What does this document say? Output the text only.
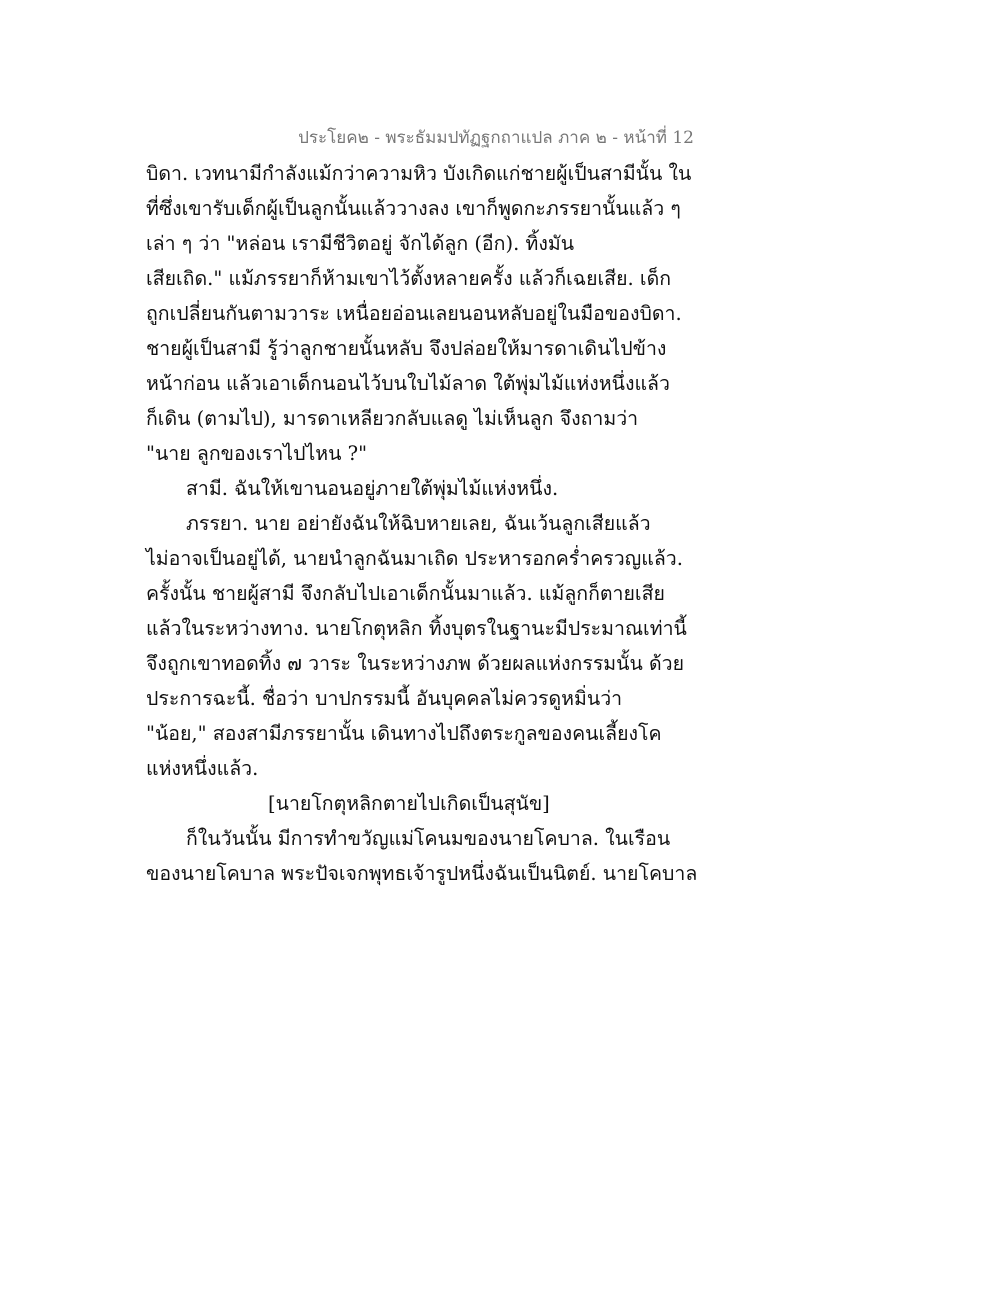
ประโยค๒ - พระธัมมปทัฏฐกถาแปล ภาค ๒ - หน้าที่ 12
บิดา. เวทนามีกำลังแม้กว่าความหิว บังเกิดแก่ชายผู้เป็นสามีนั้น ใน
ที่ซึ่งเขารับเด็กผู้เป็นลูกนั้นแล้ววางลง เขาก็พูดกะภรรยานั้นแล้ว ๆ
เล่า ๆ ว่า "หล่อน เรามีชีวิตอยู่ จักได้ลูก (อีก). ทิ้งมัน
เสียเถิด." แม้ภรรยาก็ห้ามเขาไว้ตั้งหลายครั้ง แล้วก็เฉยเสีย. เด็ก
ถูกเปลี่ยนกันตามวาระ เหนื่อยอ่อนเลยนอนหลับอยู่ในมือของบิดา.
ชายผู้เป็นสามี รู้ว่าลูกชายนั้นหลับ จึงปล่อยให้มารดาเดินไปข้าง
หน้าก่อน แล้วเอาเด็กนอนไว้บนใบไม้ลาด ใต้พุ่มไม้แห่งหนึ่งแล้ว
ก็เดิน (ตามไป), มารดาเหลียวกลับแลดู ไม่เห็นลูก จึงถามว่า
"นาย ลูกของเราไปไหน ?"
สามี. ฉันให้เขานอนอยู่ภายใต้พุ่มไม้แห่งหนึ่ง.
ภรรยา. นาย อย่ายังฉันให้ฉิบหายเลย, ฉันเว้นลูกเสียแล้ว
ไม่อาจเป็นอยู่ได้, นายนำลูกฉันมาเถิด ประหารอกคร่ำครวญแล้ว.
ครั้งนั้น ชายผู้สามี จึงกลับไปเอาเด็กนั้นมาแล้ว. แม้ลูกก็ตายเสีย
แล้วในระหว่างทาง. นายโกตุหลิก ทิ้งบุตรในฐานะมีประมาณเท่านี้
จึงถูกเขาทอดทิ้ง ๗ วาระ ในระหว่างภพ ด้วยผลแห่งกรรมนั้น ด้วย
ประการฉะนี้. ชื่อว่า บาปกรรมนี้ อันบุคคลไม่ควรดูหมิ่นว่า
"น้อย," สองสามีภรรยานั้น เดินทางไปถึงตระกูลของคนเลี้ยงโค
แห่งหนึ่งแล้ว.
[นายโกตุหลิกตายไปเกิดเป็นสุนัข]
ก็ในวันนั้น มีการทำขวัญแม่โคนมของนายโคบาล. ในเรือน
ของนายโคบาล พระปัจเจกพุทธเจ้ารูปหนึ่งฉันเป็นนิตย์. นายโคบาล
